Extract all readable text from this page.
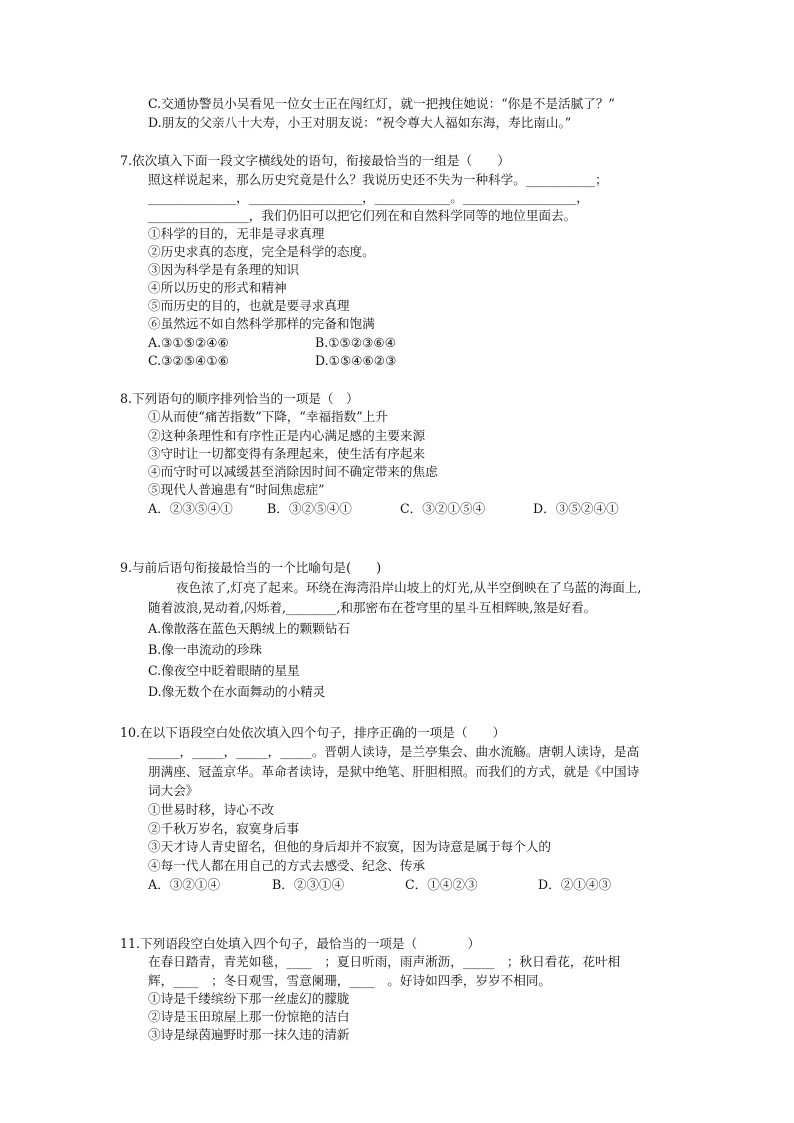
C.交通协警员小吴看见一位女士正在闯红灯，就一把拽住她说：“你是不是活腻了？”
D.朋友的父亲八十大寿，小王对朋友说：“祝令尊大人福如东海，寿比南山。”
7.依次填入下面一段文字横线处的语句，衔接最恰当的一组是（　　）
照这样说起来，那么历史究竟是什么？我说历史还不失为一种科学。___________；
______________，__________________，____________。__________________，
________________，我们仍旧可以把它们列在和自然科学同等的地位里面去。
①科学的目的，无非是寻求真理
②历史求真的态度，完全是科学的态度。
③因为科学是有条理的知识
④所以历史的形式和精神
⑤而历史的目的，也就是要寻求真理
⑥虽然远不如自然科学那样的完备和饱满
A.③①⑤②④⑥	B.①⑤②③⑥④
C.③②⑤④①⑥	D.①⑤④⑥②③
8.下列语句的顺序排列恰当的一项是（　）
①从而使“痛苦指数”下降，“幸福指数”上升
②这种条理性和有序性正是内心满足感的主要来源
③守时让一切都变得有条理起来，使生活有序起来
④而守时可以减缓甚至消除因时间不确定带来的焦虑
⑤现代人普遍患有“时间焦虑症”
A．②③⑤④①	B．③②⑤④①	C．③②①⑤④	D．③⑤②④①
9.与前后语句衔接最恰当的一个比喻句是(　　)
夜色浓了,灯亮了起来。环绕在海湾沿岸山坡上的灯光,从半空倒映在了乌蓝的海面上,
随着波浪,晃动着,闪烁着,________,和那密布在苍穹里的星斗互相辉映,煞是好看。
A.像散落在蓝色天鹅绒上的颗颗钻石
B.像一串流动的珍珠
C.像夜空中眨着眼睛的星星
D.像无数个在水面舞动的小精灵
10.在以下语段空白处依次填入四个句子，排序正确的一项是（　　）
_____，_____，_____，_____。晋朝人读诗，是兰亭集会、曲水流觞。唐朝人读诗，是高
朋满座、冠盖京华。革命者读诗，是狱中绝笔、肝胆相照。而我们的方式，就是《中国诗
词大会》
①世易时移，诗心不改
②千秋万岁名，寂寞身后事
③天才诗人青史留名，但他的身后却并不寂寞，因为诗意是属于每个人的
④每一代人都在用自己的方式去感受、纪念、传承
A．③②①④	B．②③①④	C．①④②③	D．②①④③
11.下列语段空白处填入四个句子，最恰当的一项是（　　　　）
在春日踏青，青芜如毯，____　；夏日听雨，雨声淅沥，_____　；秋日看花，花叶相
辉，____　；冬日观雪，雪意阑珊，____　。好诗如四季，岁岁不相同。
①诗是千缕缤纷下那一丝虚幻的朦胧
②诗是玉田琼屋上那一份惊艳的洁白
③诗是绿茵遍野时那一抹久违的清新
